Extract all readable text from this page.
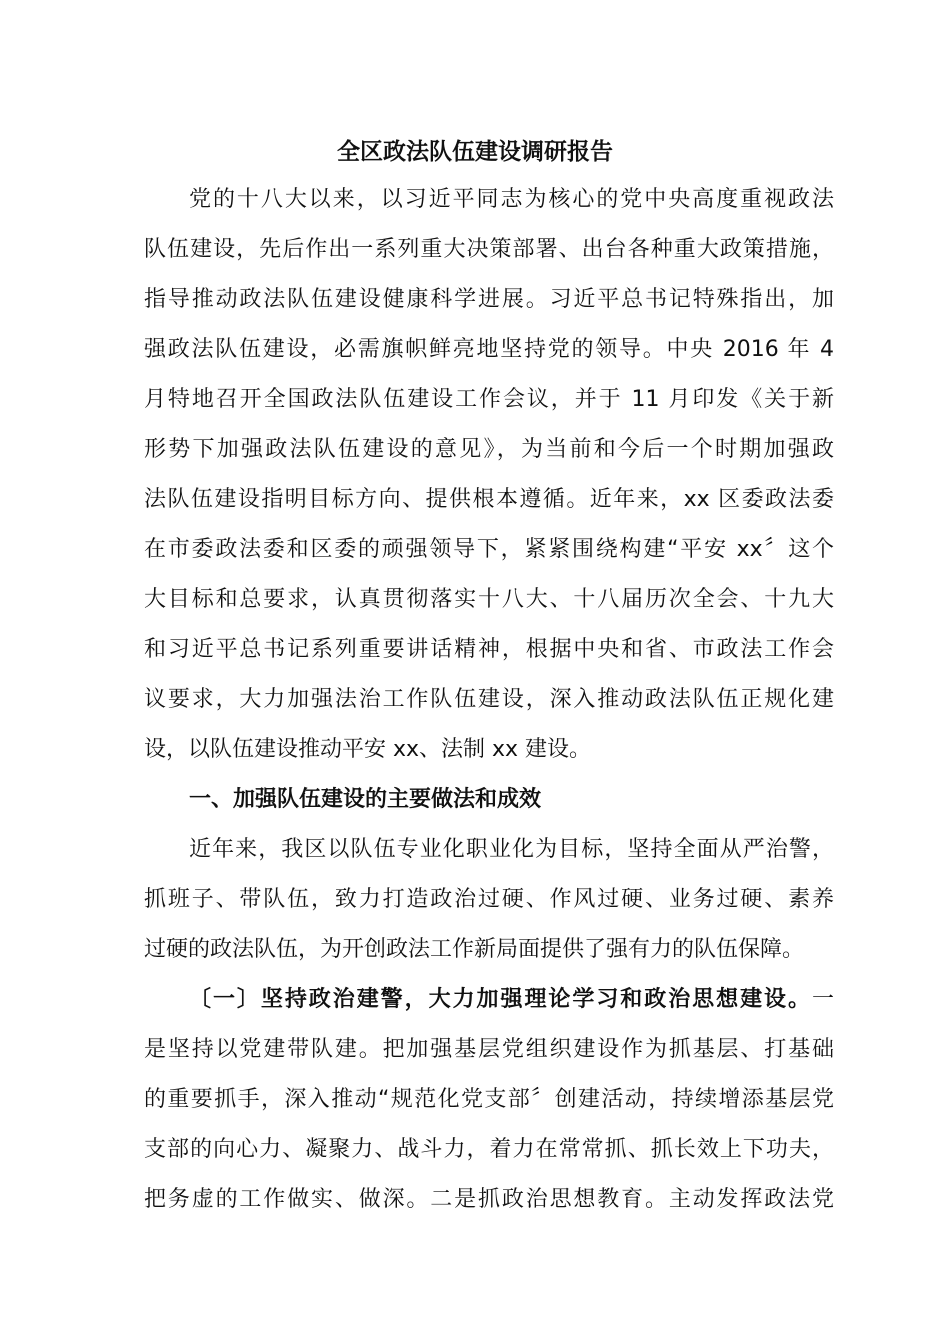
全区政法队伍建设调研报告
党的十八大以来，以习近平同志为核心的党中央高度重视政法
队伍建设，先后作出一系列重大决策部署、出台各种重大政策措施，
指导推动政法队伍建设健康科学进展。习近平总书记特殊指出，加
强政法队伍建设，必需旗帜鲜亮地坚持党的领导。中央 2016 年 4
月特地召开全国政法队伍建设工作会议，并于 11 月印发《关于新
形势下加强政法队伍建设的意见》，为当前和今后一个时期加强政
法队伍建设指明目标方向、提供根本遵循。近年来，xx 区委政法委
在市委政法委和区委的顽强领导下，紧紧围绕构建“平安 xx〞这个
大目标和总要求，认真贯彻落实十八大、十八届历次全会、十九大
和习近平总书记系列重要讲话精神，根据中央和省、市政法工作会
议要求，大力加强法治工作队伍建设，深入推动政法队伍正规化建
设，以队伍建设推动平安 xx、法制 xx 建设。
一、加强队伍建设的主要做法和成效
近年来，我区以队伍专业化职业化为目标，坚持全面从严治警，
抓班子、带队伍，致力打造政治过硬、作风过硬、业务过硬、素养
过硬的政法队伍，为开创政法工作新局面提供了强有力的队伍保障。
〔一〕坚持政治建警，大力加强理论学习和政治思想建设。一
是坚持以党建带队建。把加强基层党组织建设作为抓基层、打基础
的重要抓手，深入推动“规范化党支部〞创建活动，持续增添基层党
支部的向心力、凝聚力、战斗力，着力在常常抓、抓长效上下功夫，
把务虚的工作做实、做深。二是抓政治思想教育。主动发挥政法党
